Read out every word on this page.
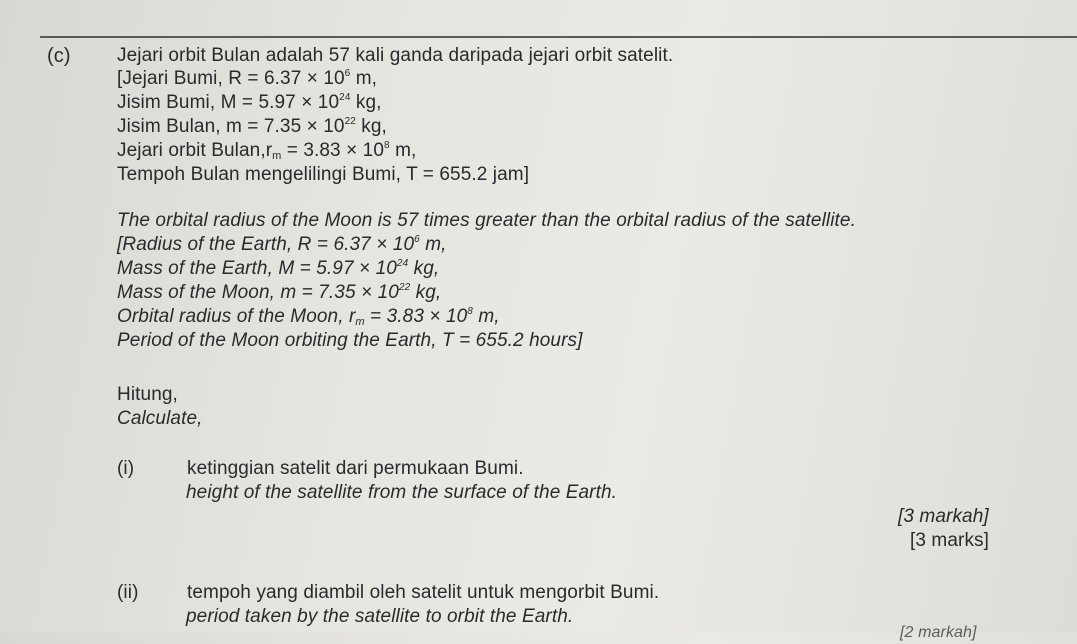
(c) Jejari orbit Bulan adalah 57 kali ganda daripada jejari orbit satelit.
[Jejari Bumi, $R = 6.37 \times 10^6$ m,
Jisim Bumi, $M = 5.97 \times 10^{24}$ kg,
Jisim Bulan, $m = 7.35 \times 10^{22}$ kg,
Jejari orbit $Bulan,r_m = 3.83 \times 10^8$ m,
Tempoh Bulan mengelilingi Bumi, T = 655.2 jam]
The orbital radius of the Moon is 57 times greater than the orbital radius of the satellite.
[Radius of the Earth, $R = 6.37 \times 10^6$ m,
Mass of the Earth, $M = 5.97 \times 10^{24}$ kg,
Mass of the Moon, $m = 7.35 \times 10^{22}$ kg,
Orbital radius of the Moon, $r_m = 3.83 \times 10^8$ m,
Period of the Moon orbiting the Earth, T = 655.2 hours]
Hitung,
Calculate,
(i)	ketinggian satelit dari permukaan Bumi.
height of the satellite from the surface of the Earth.
[3 markah]
[3 marks]
(ii)	tempoh yang diambil oleh satelit untuk mengorbit Bumi.
period taken by the satellite to orbit the Earth.
[2 markah]
